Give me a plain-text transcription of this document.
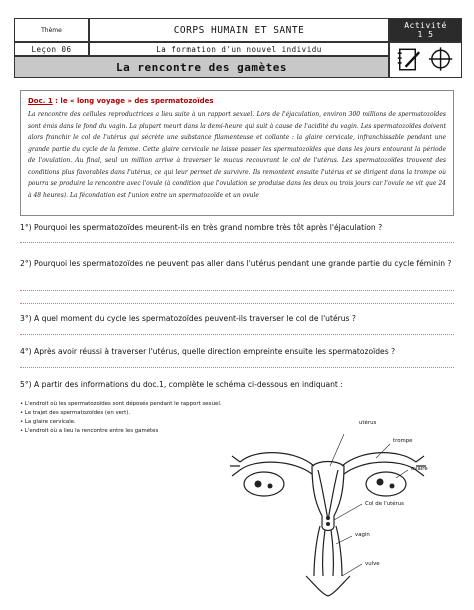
Thème	CORPS HUMAIN ET SANTE	Activité
1 5
Leçon 06	La formation d'un nouvel individu
La rencontre des gamètes
Doc. 1 : le « long voyage » des spermatozoïdes
La rencontre des cellules reproductrices a lieu suite à un rapport sexuel. Lors de l'éjaculation, environ 300 millions de spermatozoïdes sont émis dans le fond du vagin. La plupart meurt dans la demi-heure qui suit à cause de l'acidité du vagin. Les spermatozoïdes doivent alors franchir le col de l'utérus qui sécrète une substance filamenteuse et collante : la glaire cervicale, infranchissable pendant une grande partie du cycle de la femme. Cette glaire cervicale ne laisse passer les spermatozoïdes que dans les jours entourant la période de l'ovulation. Au final, seul un million arrive à traverser le mucus recouvrant le col de l'utérus. Les spermatozoïdes trouvent des conditions plus favorables dans l'utérus, ce qui leur permet de survivre. Ils remontent ensuite l'utérus et se dirigent dans la trompe où pourra se produire la rencontre avec l'ovule (à condition que l'ovulation se produise dans les deux ou trois jours car l'ovule ne vit que 24 à 48 heures). La fécondation est l'union entre un spermatozoïde et un ovule
1°) Pourquoi les spermatozoïdes meurent-ils en très grand nombre très tôt après l'éjaculation ?
2°) Pourquoi les spermatozoïdes ne peuvent pas aller dans l'utérus pendant une grande partie du cycle féminin ?
3°) A quel moment du cycle les spermatozoïdes peuvent-ils traverser le col de l'utérus ?
4°) Après avoir réussi à traverser l'utérus, quelle direction empreinte ensuite les spermatozoïdes ?
5°) A partir des informations du doc.1, complète le schéma ci-dessous en indiquant :
• L'endroit où les spermatozoïdes sont déposés pendant le rapport sexuel.
• Le trajet des spermatozoïdes (en vert).
• La glaire cervicale.
• L'endroit où a lieu la rencontre entre les gamètes
utérus
trompe
ovaire
Col de l'utérus
vagin
vulve
